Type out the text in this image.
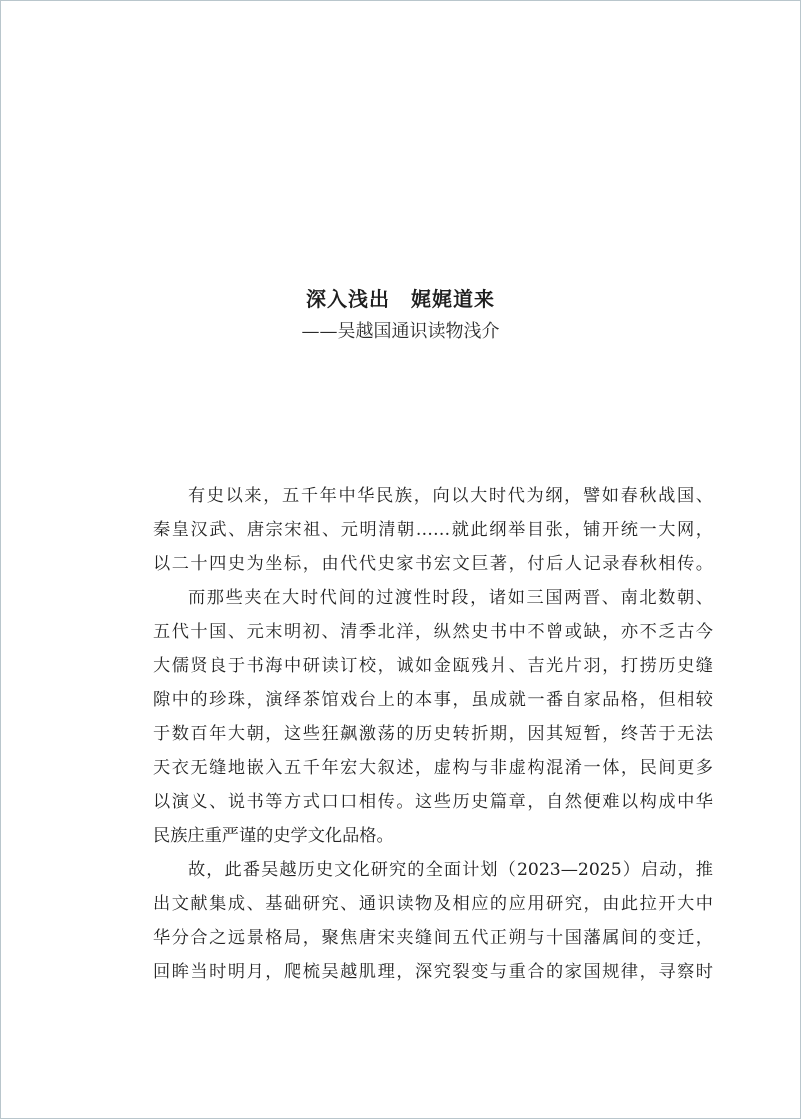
深入浅出　娓娓道来
——吴越国通识读物浅介
有史以来，五千年中华民族，向以大时代为纲，譬如春秋战国、
秦皇汉武、唐宗宋祖、元明清朝……就此纲举目张，铺开统一大网，
以二十四史为坐标，由代代史家书宏文巨著，付后人记录春秋相传。
而那些夹在大时代间的过渡性时段，诸如三国两晋、南北数朝、
五代十国、元末明初、清季北洋，纵然史书中不曾或缺，亦不乏古今
大儒贤良于书海中研读订校，诚如金瓯残爿、吉光片羽，打捞历史缝
隙中的珍珠，演绎茶馆戏台上的本事，虽成就一番自家品格，但相较
于数百年大朝，这些狂飙激荡的历史转折期，因其短暂，终苦于无法
天衣无缝地嵌入五千年宏大叙述，虚构与非虚构混淆一体，民间更多
以演义、说书等方式口口相传。这些历史篇章，自然便难以构成中华
民族庄重严谨的史学文化品格。
故，此番吴越历史文化研究的全面计划（2023—2025）启动，推
出文献集成、基础研究、通识读物及相应的应用研究，由此拉开大中
华分合之远景格局，聚焦唐宋夹缝间五代正朔与十国藩属间的变迁，
回眸当时明月，爬梳吴越肌理，深究裂变与重合的家国规律，寻察时
